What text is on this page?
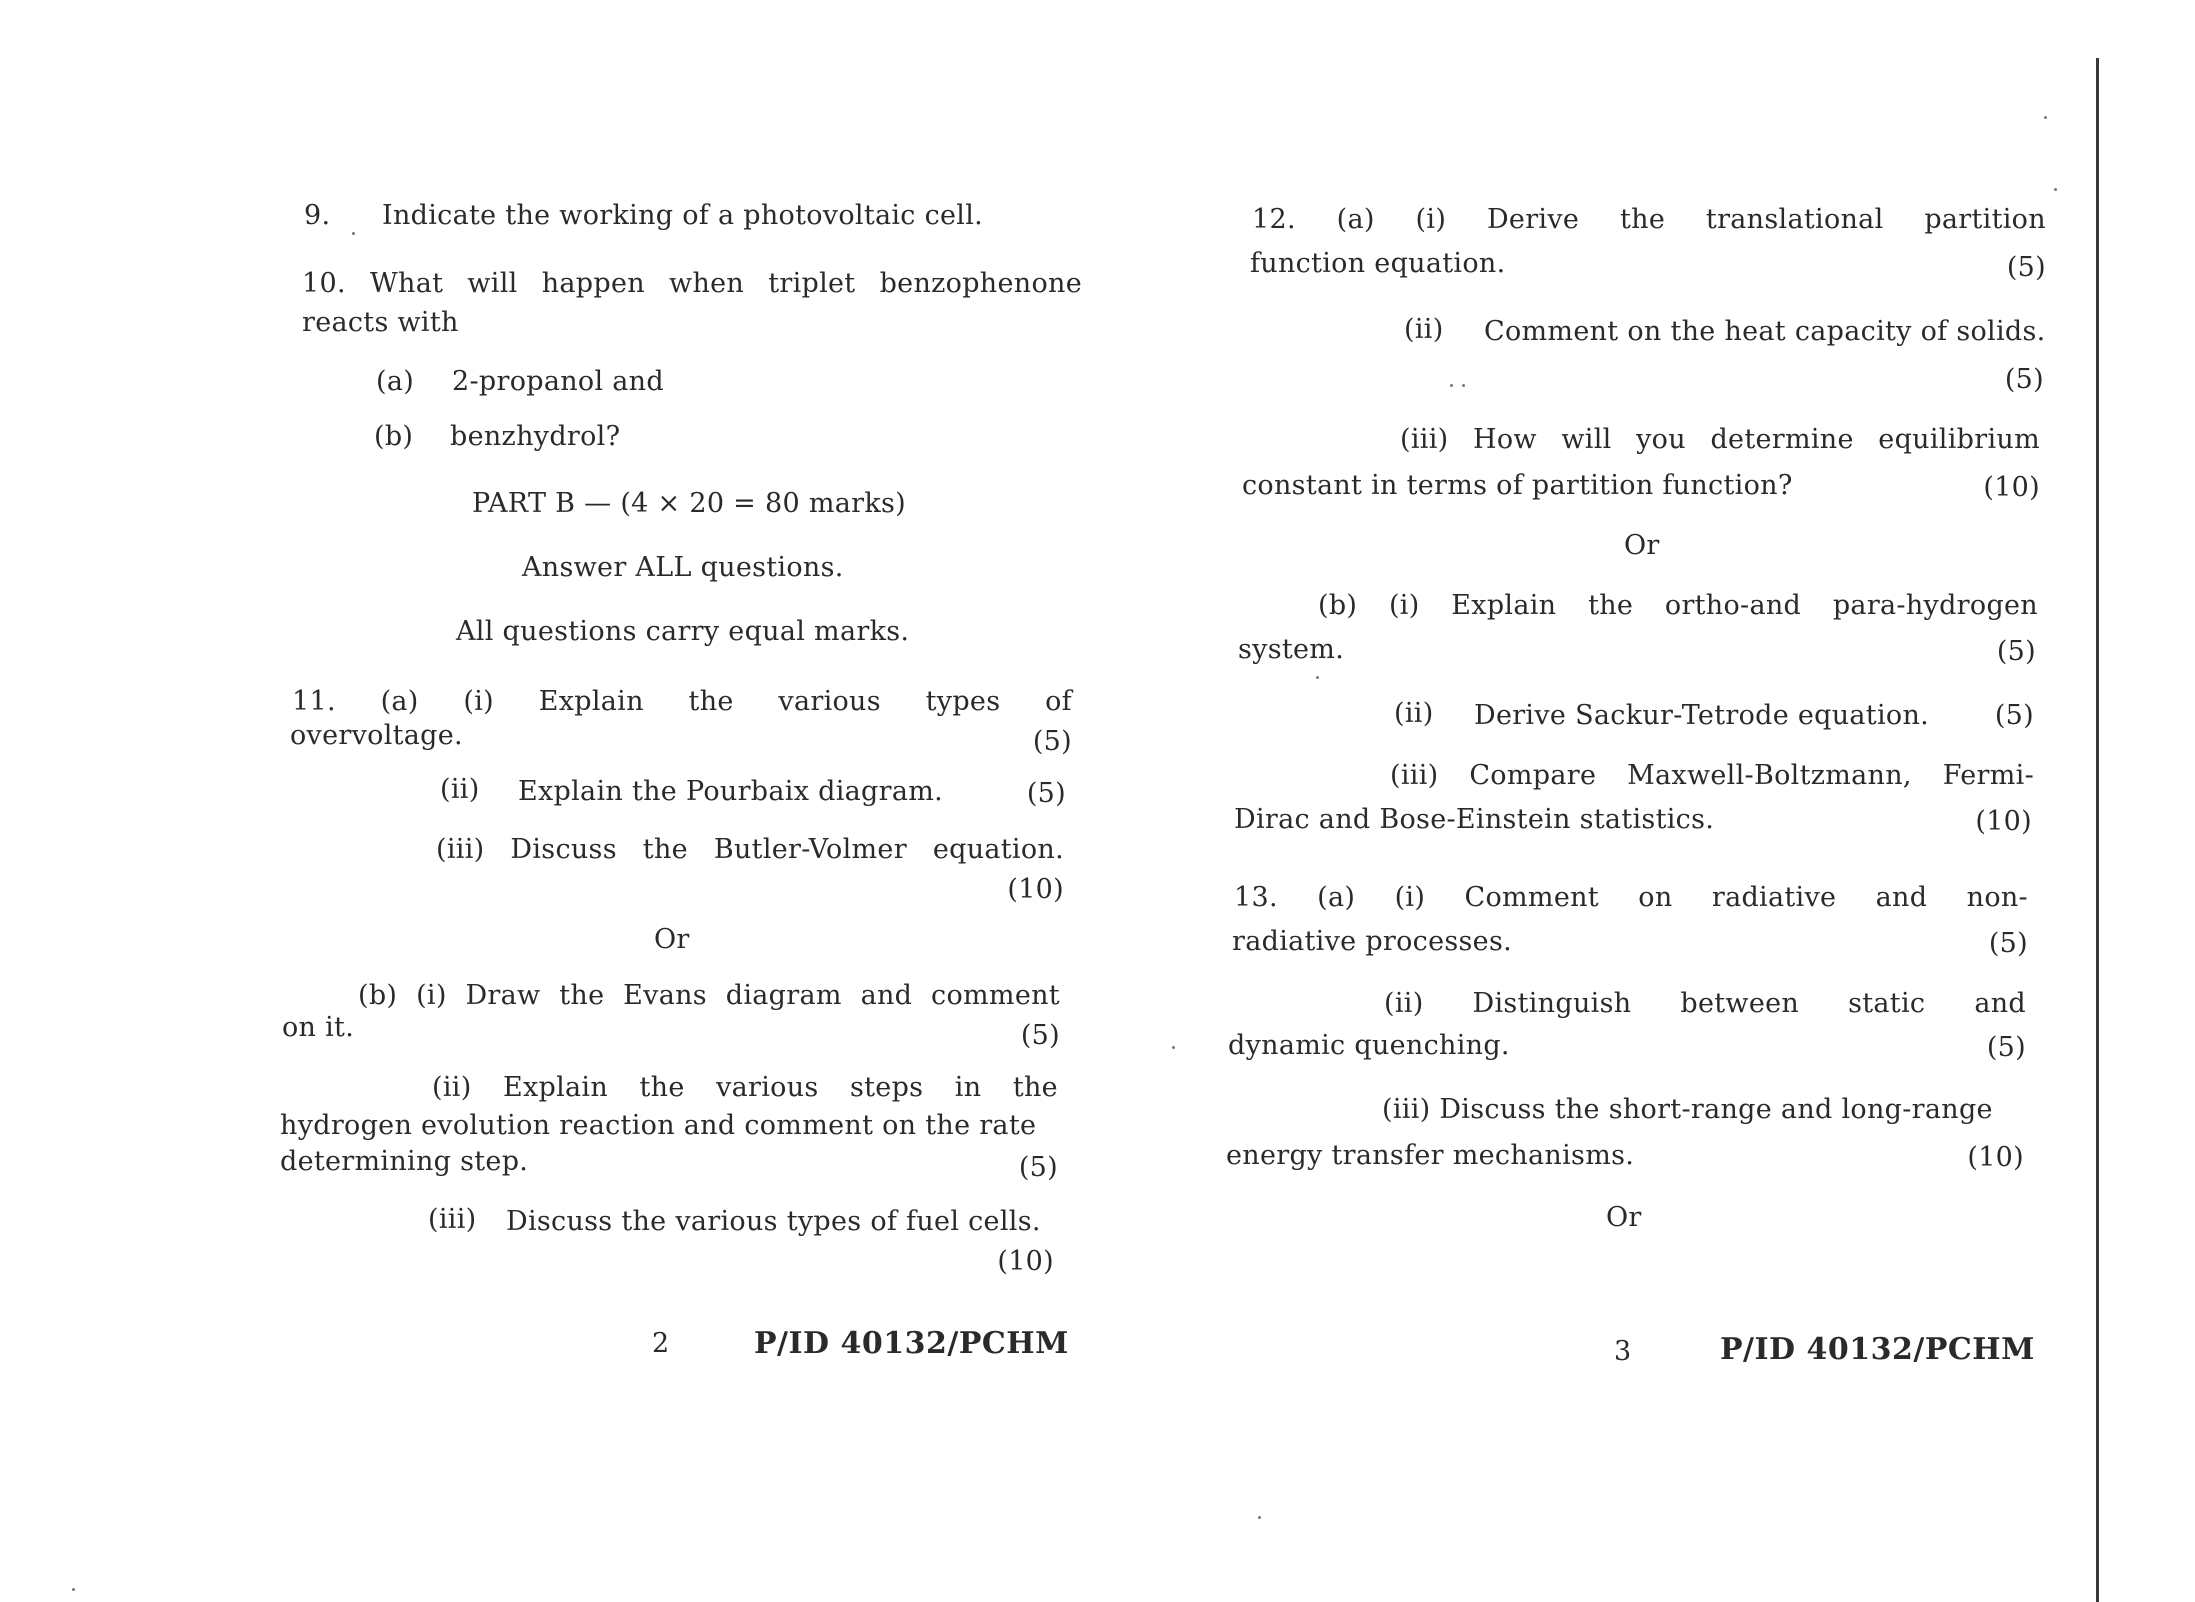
9. Indicate the working of a photovoltaic cell.
10. What will happen when triplet benzophenone
reacts with
(a) 2-propanol and
(b) benzhydrol?
PART B — (4 × 20 = 80 marks)
Answer ALL questions.
All questions carry equal marks.
11. (a) (i) Explain the various types of
overvoltage.	(5)
(ii) Explain the Pourbaix diagram.	(5)
(iii) Discuss the Butler-Volmer equation.
(10)
Or
(b) (i) Draw the Evans diagram and comment
on it.	(5)
(ii) Explain the various steps in the
hydrogen evolution reaction and comment on the rate
determining step.	(5)
(iii) Discuss the various types of fuel cells.
(10)
2	P/ID 40132/PCHM
12. (a) (i) Derive the translational partition
function equation.	(5)
(ii) Comment on the heat capacity of solids.
(5)
(iii) How will you determine equilibrium
constant in terms of partition function?	(10)
Or
(b) (i) Explain the ortho-and para-hydrogen
system.	(5)
(ii) Derive Sackur-Tetrode equation.	(5)
(iii) Compare Maxwell-Boltzmann, Fermi-
Dirac and Bose-Einstein statistics.	(10)
13. (a) (i) Comment on radiative and non-
radiative processes.	(5)
(ii) Distinguish between static and
dynamic quenching.	(5)
(iii) Discuss the short-range and long-range
energy transfer mechanisms.	(10)
Or
3	P/ID 40132/PCHM
